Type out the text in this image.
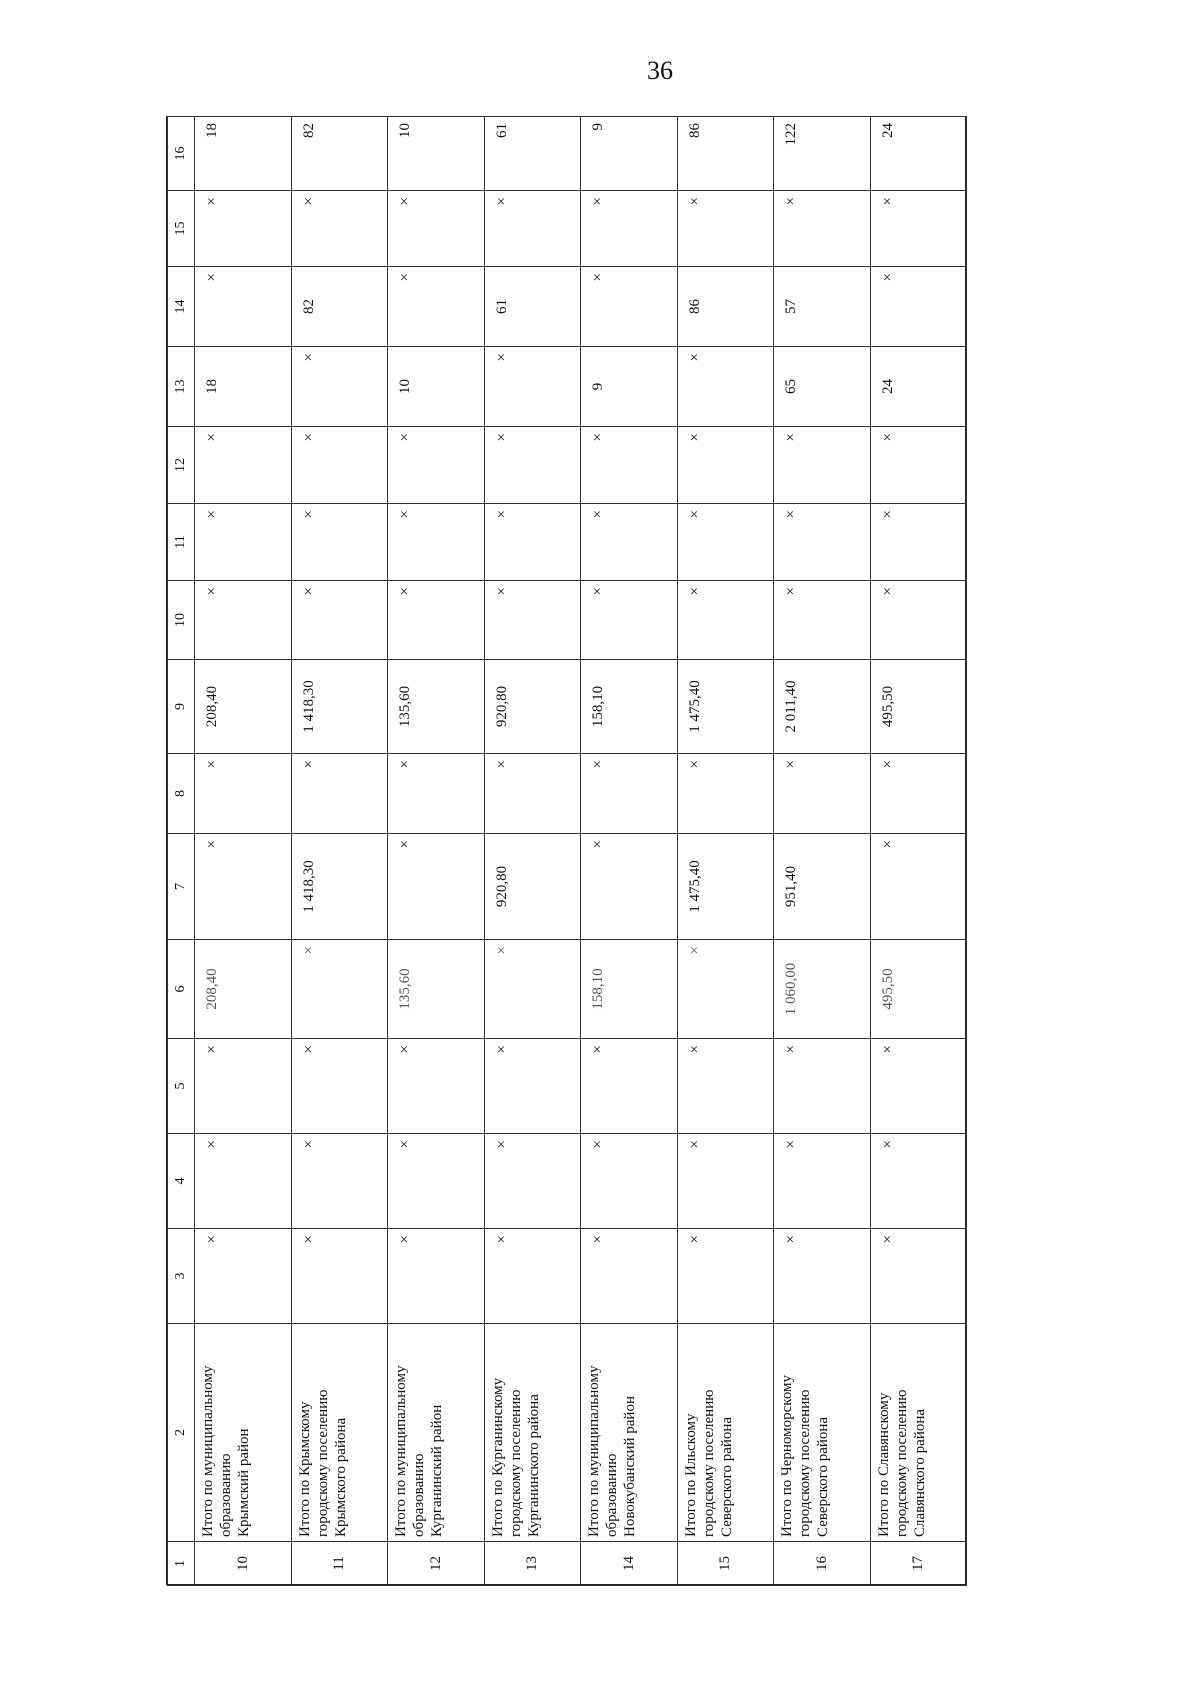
36
1	2	3	4	5	6	7	8	9	10	11	12	13	14	15	16
10	Итого по муниципальному образованию Крымский район	×	×	×	208,40	×	×	208,40	×	×	×	18	×	×	18
11	Итого по Крымскому городскому поселению Крымского района	×	×	×	×	1 418,30	×	1 418,30	×	×	×	×	82	×	82
12	Итого по муниципальному образованию Курганинский район	×	×	×	135,60	×	×	135,60	×	×	×	10	×	×	10
13	Итого по Курганинскому городскому поселению Курганинского района	×	×	×	×	920,80	×	920,80	×	×	×	×	61	×	61
14	Итого по муниципальному образованию Новокубанский район	×	×	×	158,10	×	×	158,10	×	×	×	9	×	×	9
15	Итого по Ильскому городскому поселению Северского района	×	×	×	×	1 475,40	×	1 475,40	×	×	×	×	86	×	86
16	Итого по Черноморскому городскому поселению Северского района	×	×	×	1 060,00	951,40	×	2 011,40	×	×	×	65	57	×	122
17	Итого по Славянскому городскому поселению Славянского района	×	×	×	495,50	×	×	495,50	×	×	×	24	×	×	24
